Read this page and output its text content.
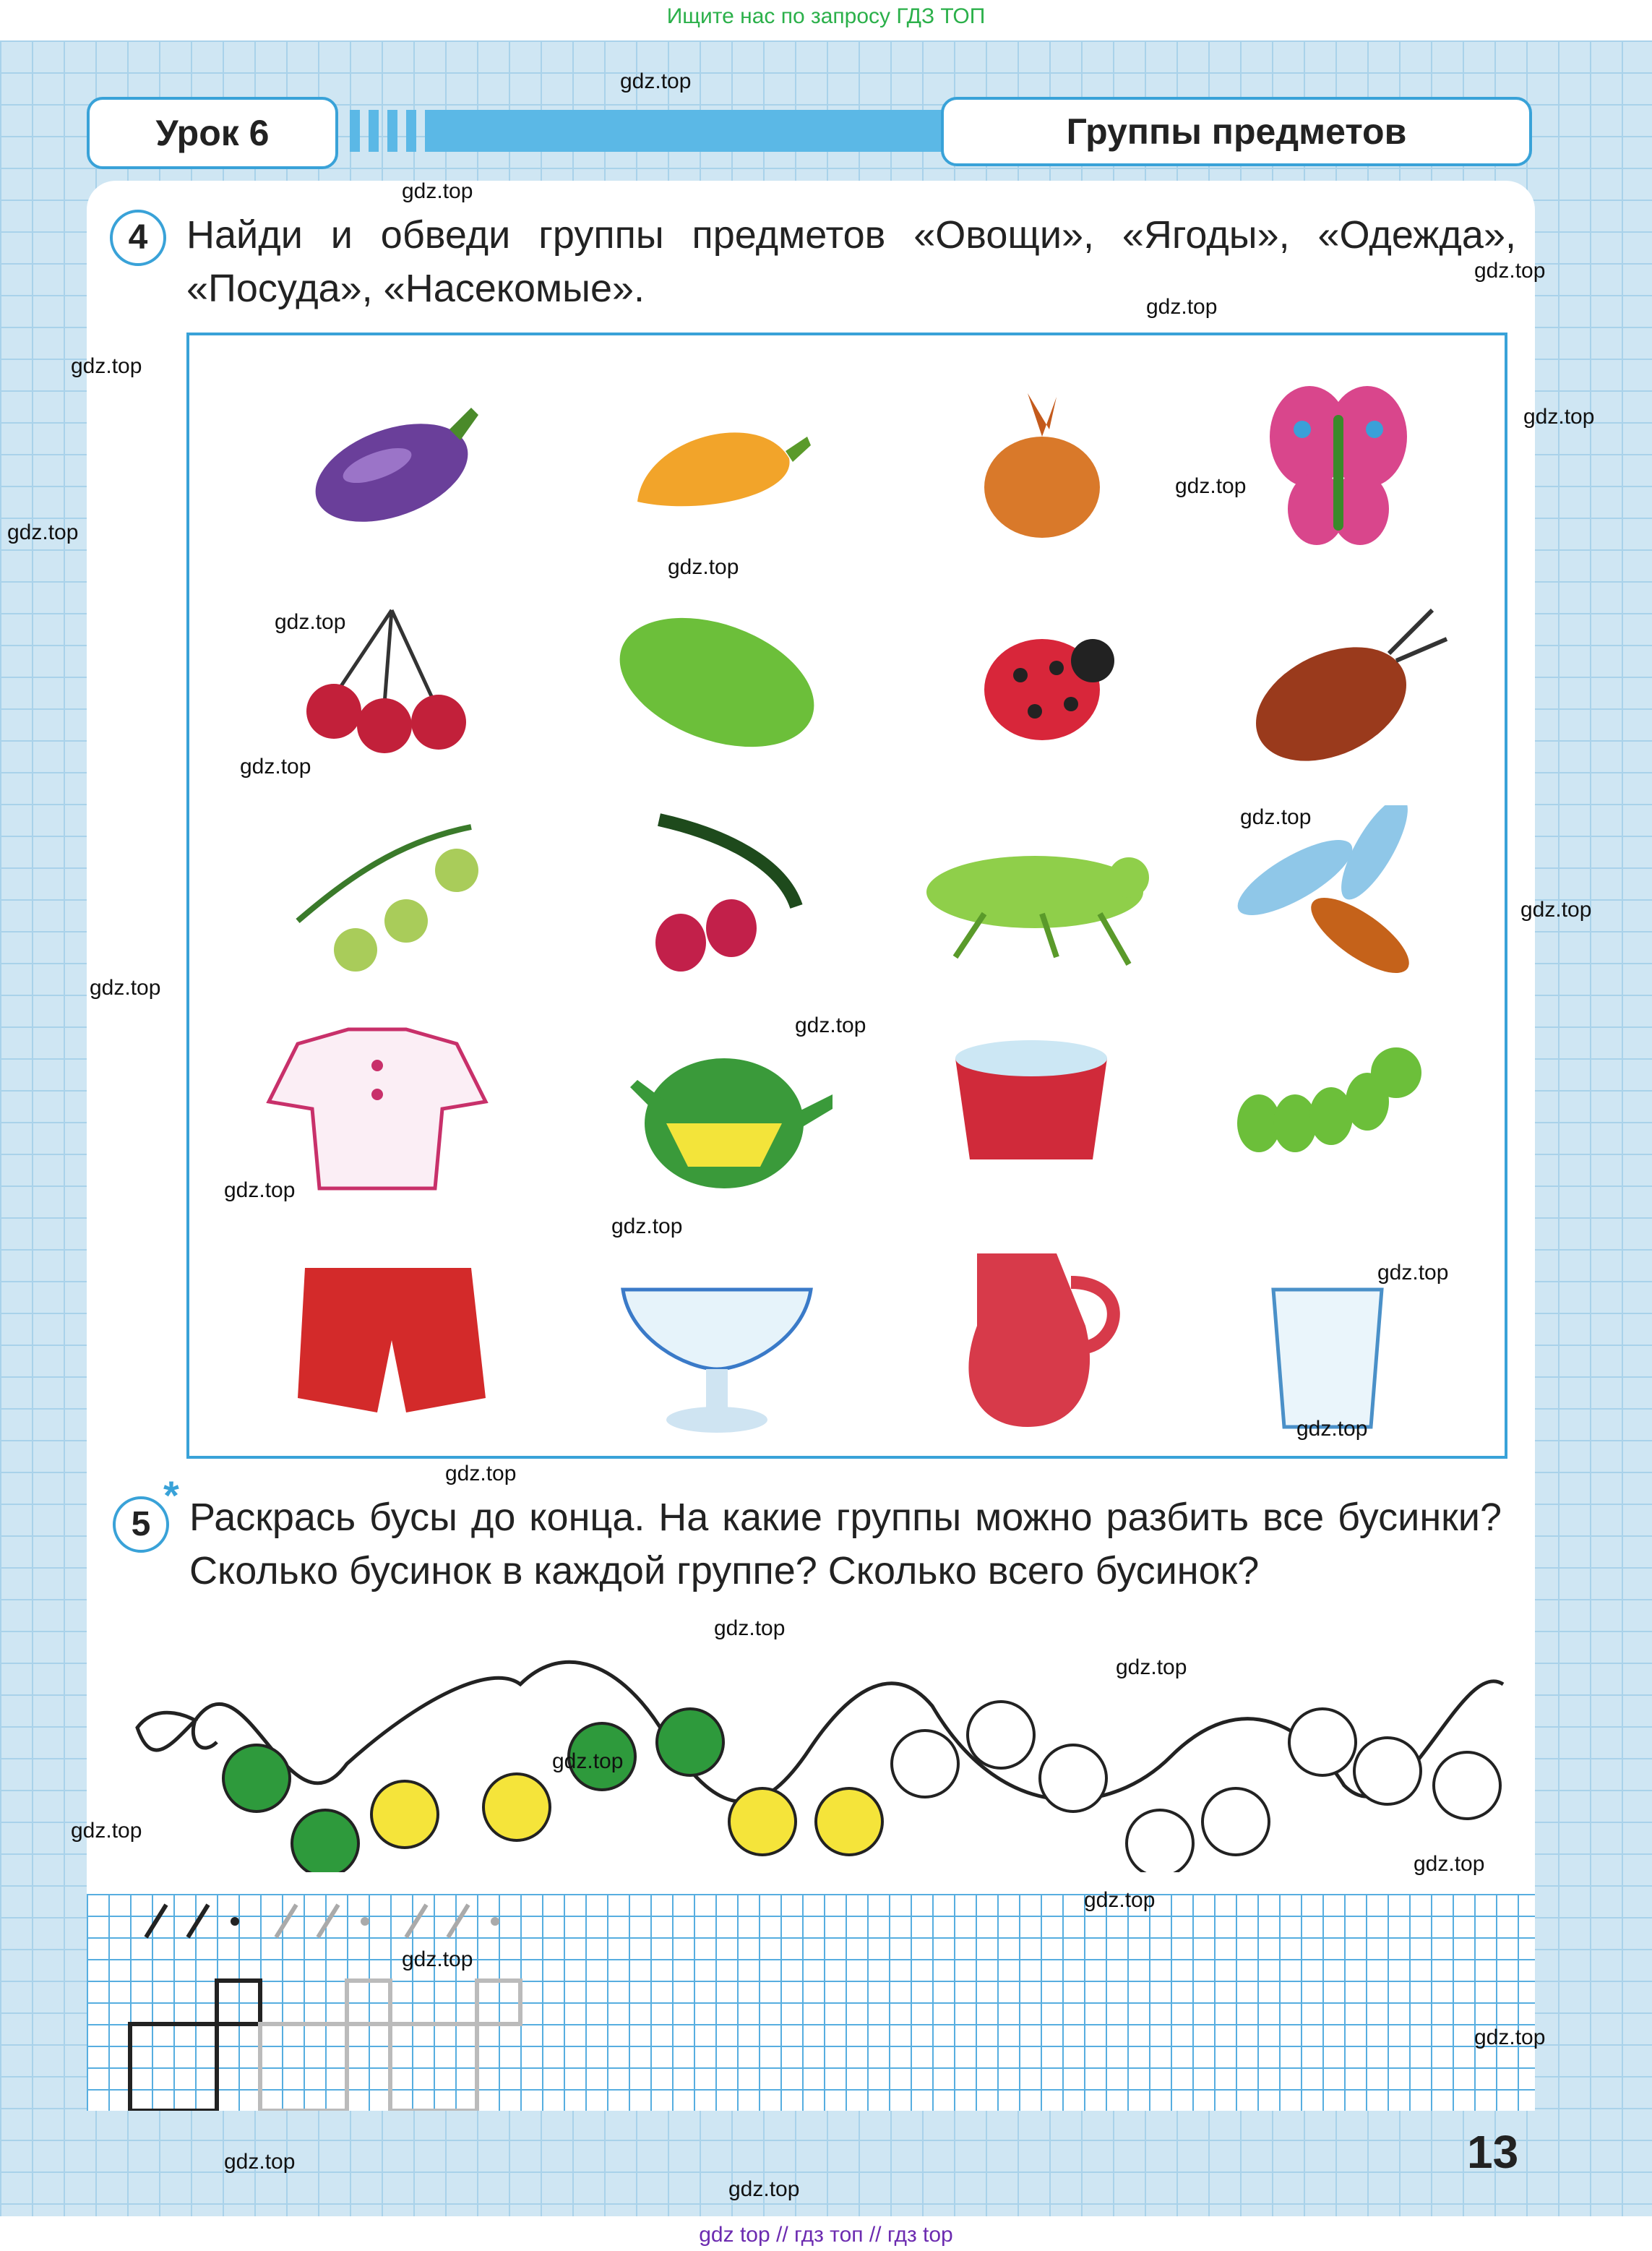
Ищите нас по запросу ГДЗ ТОП
Урок 6	Группы предметов
4 Найди и обведи группы предметов «Овощи», «Ягоды», «Одежда», «Посуда», «Насекомые».
5
* Раскрась бусы до конца. На какие группы можно разбить все бусинки? Сколько бусинок в каждой группе? Сколько всего бусинок?
13
gdz.top
gdz.top
gdz.top
gdz.top
gdz.top
gdz.top
gdz.top
gdz.top
gdz.top
gdz.top
gdz.top
gdz.top
gdz.top
gdz.top
gdz.top
gdz.top
gdz.top
gdz.top
gdz.top
gdz.top
gdz.top
gdz.top
gdz.top
gdz.top
gdz.top
gdz.top
gdz.top
gdz.top
gdz.top
gdz.top
gdz top // гдз топ // гдз top
